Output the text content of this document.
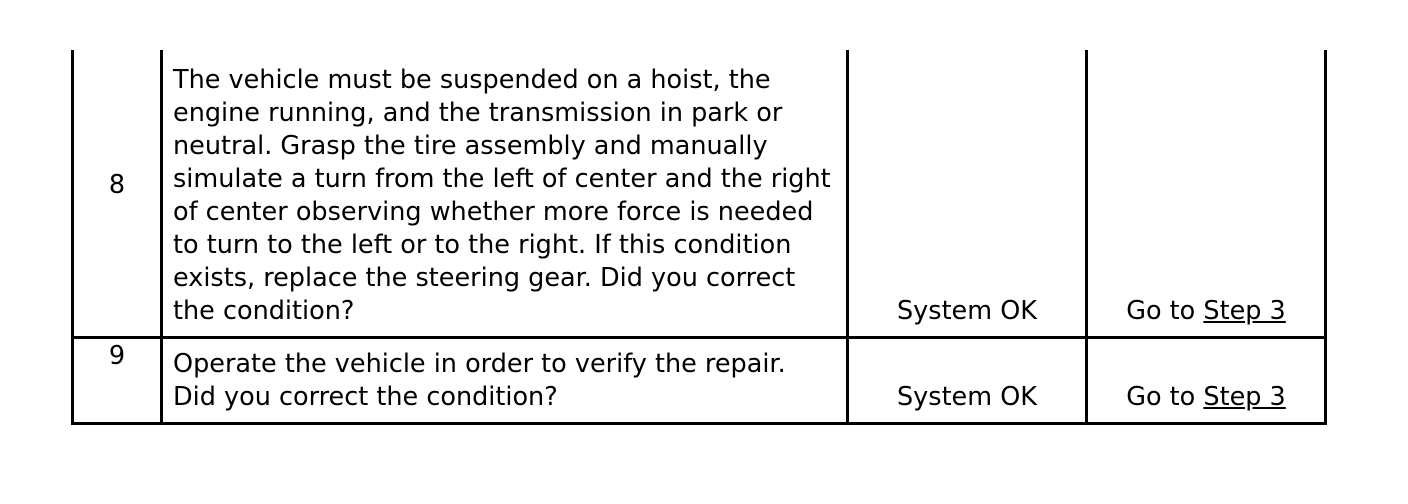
8	The vehicle must be suspended on a hoist, the engine running, and the transmission in park or neutral. Grasp the tire assembly and manually simulate a turn from the left of center and the right of center observing whether more force is needed to turn to the left or to the right. If this condition exists, replace the steering gear. Did you correct the condition?	System OK	Go to Step 3
9	Operate the vehicle in order to verify the repair. Did you correct the condition?	System OK	Go to Step 3
